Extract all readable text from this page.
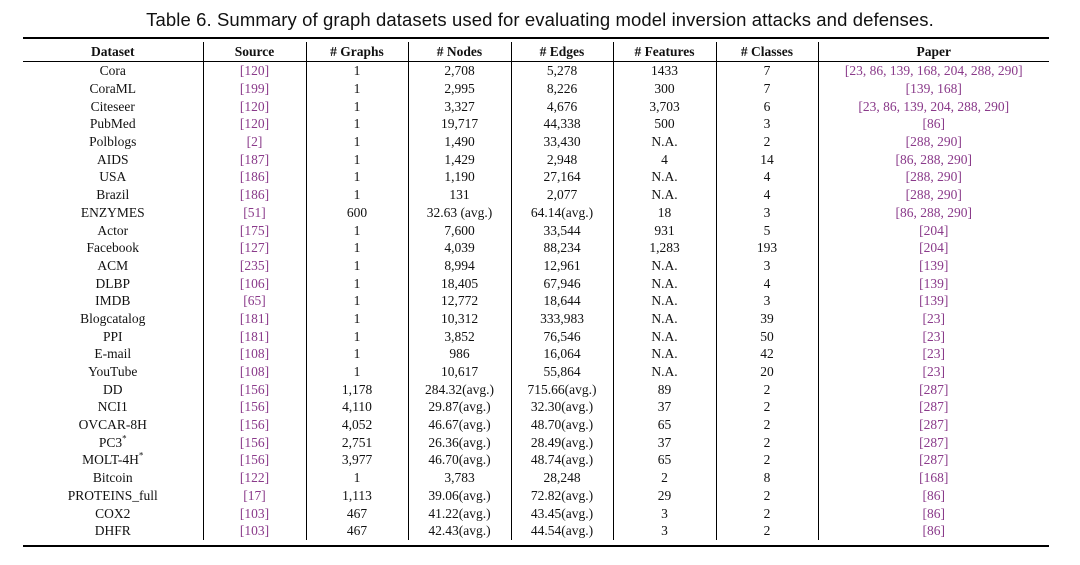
Table 6. Summary of graph datasets used for evaluating model inversion attacks and defenses.
Dataset	Source	# Graphs	# Nodes	# Edges	# Features	# Classes	Paper
Cora	[120]	1	2,708	5,278	1433	7	[23, 86, 139, 168, 204, 288, 290]
CoraML	[199]	1	2,995	8,226	300	7	[139, 168]
Citeseer	[120]	1	3,327	4,676	3,703	6	[23, 86, 139, 204, 288, 290]
PubMed	[120]	1	19,717	44,338	500	3	[86]
Polblogs	[2]	1	1,490	33,430	N.A.	2	[288, 290]
AIDS	[187]	1	1,429	2,948	4	14	[86, 288, 290]
USA	[186]	1	1,190	27,164	N.A.	4	[288, 290]
Brazil	[186]	1	131	2,077	N.A.	4	[288, 290]
ENZYMES	[51]	600	32.63 (avg.)	64.14(avg.)	18	3	[86, 288, 290]
Actor	[175]	1	7,600	33,544	931	5	[204]
Facebook	[127]	1	4,039	88,234	1,283	193	[204]
ACM	[235]	1	8,994	12,961	N.A.	3	[139]
DLBP	[106]	1	18,405	67,946	N.A.	4	[139]
IMDB	[65]	1	12,772	18,644	N.A.	3	[139]
Blogcatalog	[181]	1	10,312	333,983	N.A.	39	[23]
PPI	[181]	1	3,852	76,546	N.A.	50	[23]
E-mail	[108]	1	986	16,064	N.A.	42	[23]
YouTube	[108]	1	10,617	55,864	N.A.	20	[23]
DD	[156]	1,178	284.32(avg.)	715.66(avg.)	89	2	[287]
NCI1	[156]	4,110	29.87(avg.)	32.30(avg.)	37	2	[287]
OVCAR-8H	[156]	4,052	46.67(avg.)	48.70(avg.)	65	2	[287]
PC3*	[156]	2,751	26.36(avg.)	28.49(avg.)	37	2	[287]
MOLT-4H*	[156]	3,977	46.70(avg.)	48.74(avg.)	65	2	[287]
Bitcoin	[122]	1	3,783	28,248	2	8	[168]
PROTEINS_full	[17]	1,113	39.06(avg.)	72.82(avg.)	29	2	[86]
COX2	[103]	467	41.22(avg.)	43.45(avg.)	3	2	[86]
DHFR	[103]	467	42.43(avg.)	44.54(avg.)	3	2	[86]
